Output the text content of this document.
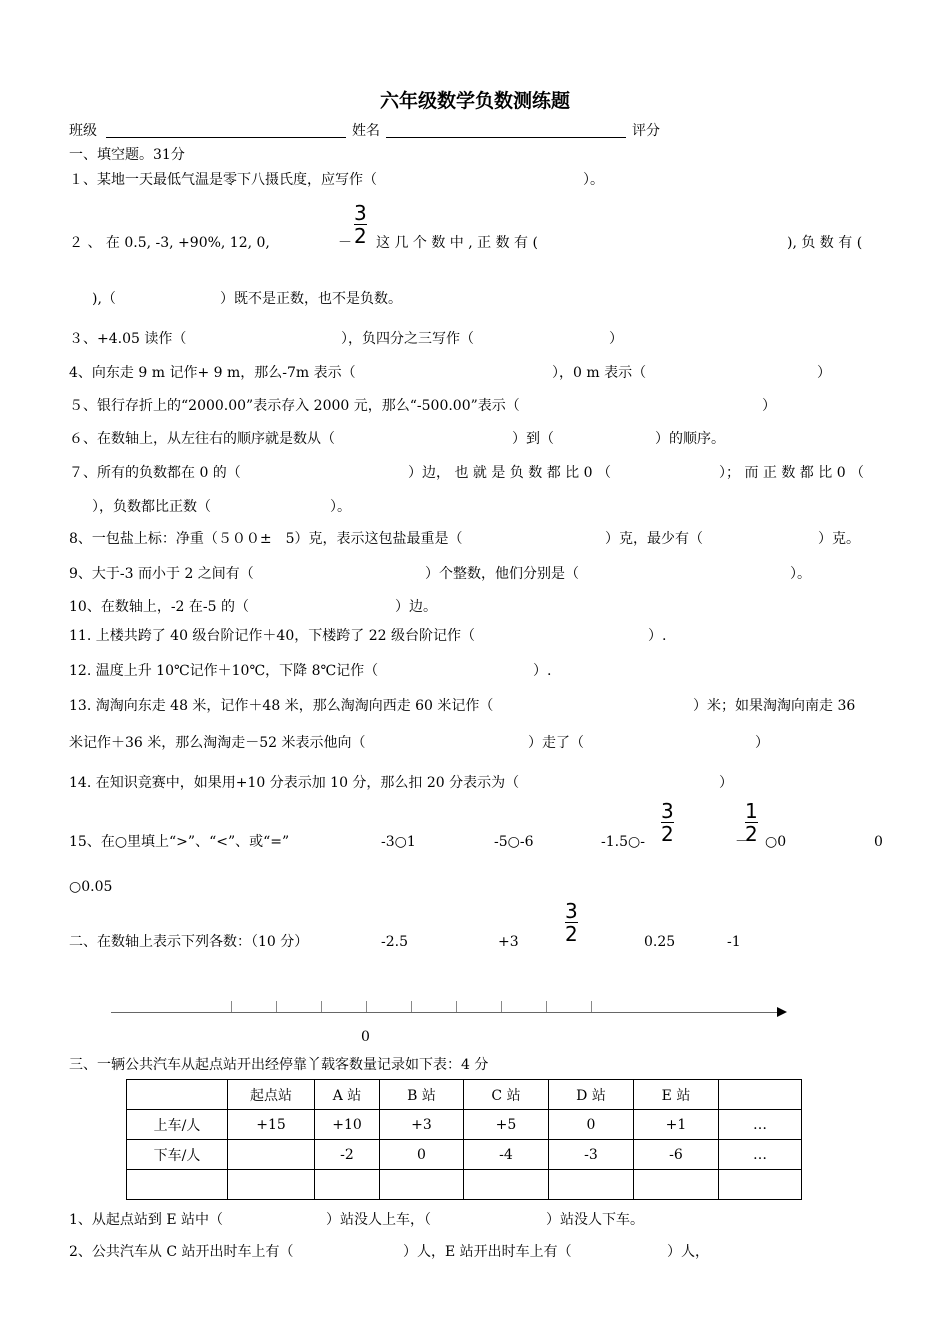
六年级数学负数测练题
班级	姓名	评分
一、填空题。31分
１、某地一天最低气温是零下八摄氏度，应写作（	）。
２ 、 在 0.5, -3, +90%, 12, 0,	－
3
2 这 几 个 数 中 , 正 数 有 (	), 负 数 有 (
),（	）既不是正数，也不是负数。
３、+4.05 读作（	），负四分之三写作（	）
4、向东走 9 m 记作+ 9 m，那么-7m 表示（	），0 m 表示（	）
５、银行存折上的“2000.00”表示存入 2000 元，那么“-500.00”表示（	）
６、在数轴上，从左往右的顺序就是数从（	）到（	）的顺序。
７、所有的负数都在 0 的（	）边， 也 就 是 负 数 都 比 0 （	）； 而 正 数 都 比 0 （
），负数都比正数（	）。
8、一包盐上标：净重（５００±　5）克，表示这包盐最重是（	）克，最少有（	）克。
9、大于-3 而小于 2 之间有（	）个整数，他们分别是（	）。
10、在数轴上，-2 在-5 的（	）边。
11. 上楼共跨了 40 级台阶记作＋40，下楼跨了 22 级台阶记作（	）.
12. 温度上升 10℃记作＋10℃，下降 8℃记作（	）.
13. 淘淘向东走 48 米，记作＋48 米，那么淘淘向西走 60 米记作（	）米；如果淘淘向南走 36
米记作＋36 米，那么淘淘走－52 米表示他向（	）走了（	）
14. 在知识竞赛中，如果用+10 分表示加 10 分，那么扣 20 分表示为（	）
15、在○里填上“>”、“<”、或“=”	-3○1	-5○-6	-1.5○-
3
2	－
1
2 ○0	0
○0.05
二、在数轴上表示下列各数：（10 分）	-2.5	+3
3
2	0.25	-1
0
三、一辆公共汽车从起点站开出经停靠丫载客数量记录如下表：4 分
	起点站	A 站	B 站	C 站	D 站	E 站	
上车/人	+15	+10	+3	+5	0	+1	…
下车/人		-2	0	-4	-3	-6	…

1、从起点站到 E 站中（	）站没人上车，（	）站没人下车。
2、公共汽车从 C 站开出时车上有（	）人，E 站开出时车上有（	）人，
